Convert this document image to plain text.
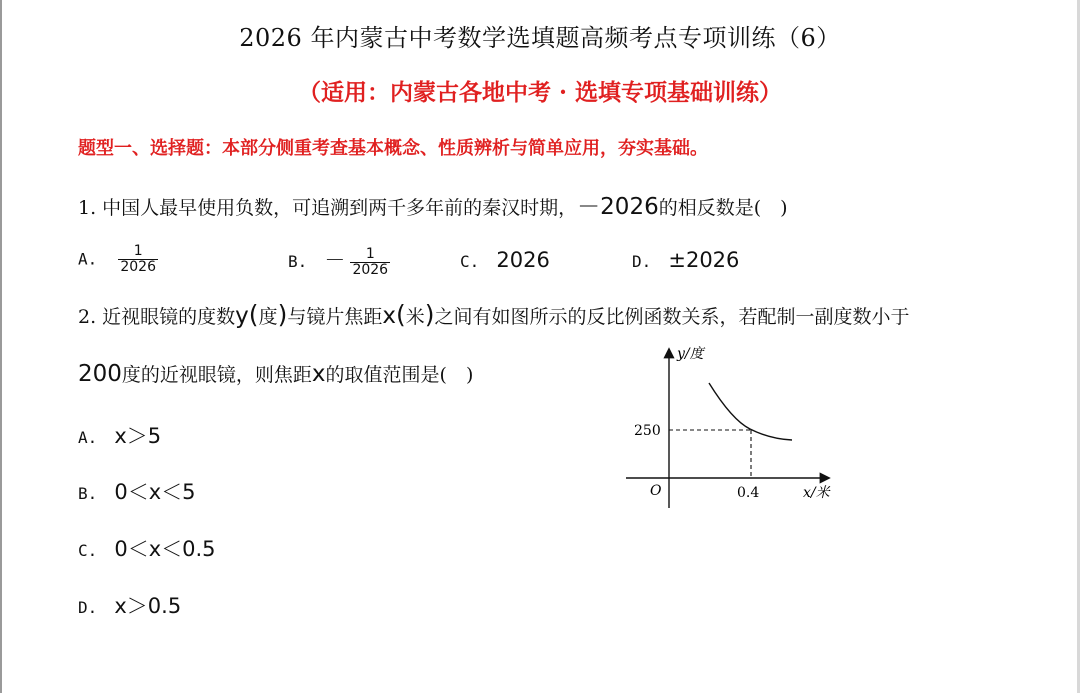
2026 年内蒙古中考数学选填题高频考点专项训练（6）
（适用：内蒙古各地中考 · 选填专项基础训练）
题型一、选择题：本部分侧重考查基本概念、性质辨析与简单应用，夯实基础。
1. 中国人最早使用负数，可追溯到两千多年前的秦汉时期，－2026的相反数是(　)
A. $\frac{1}{2026}$	B. － $\frac{1}{2026}$	C. 2026	D. ±2026
2. 近视眼镜的度数y(度)与镜片焦距x(米)之间有如图所示的反比例函数关系，若配制一副度数小于
200度的近视眼镜，则焦距x的取值范围是(　)
A. x＞5
B. 0＜x＜5
C. 0＜x＜0.5
D. x＞0.5
y/度
x/米
O
250
0.4
